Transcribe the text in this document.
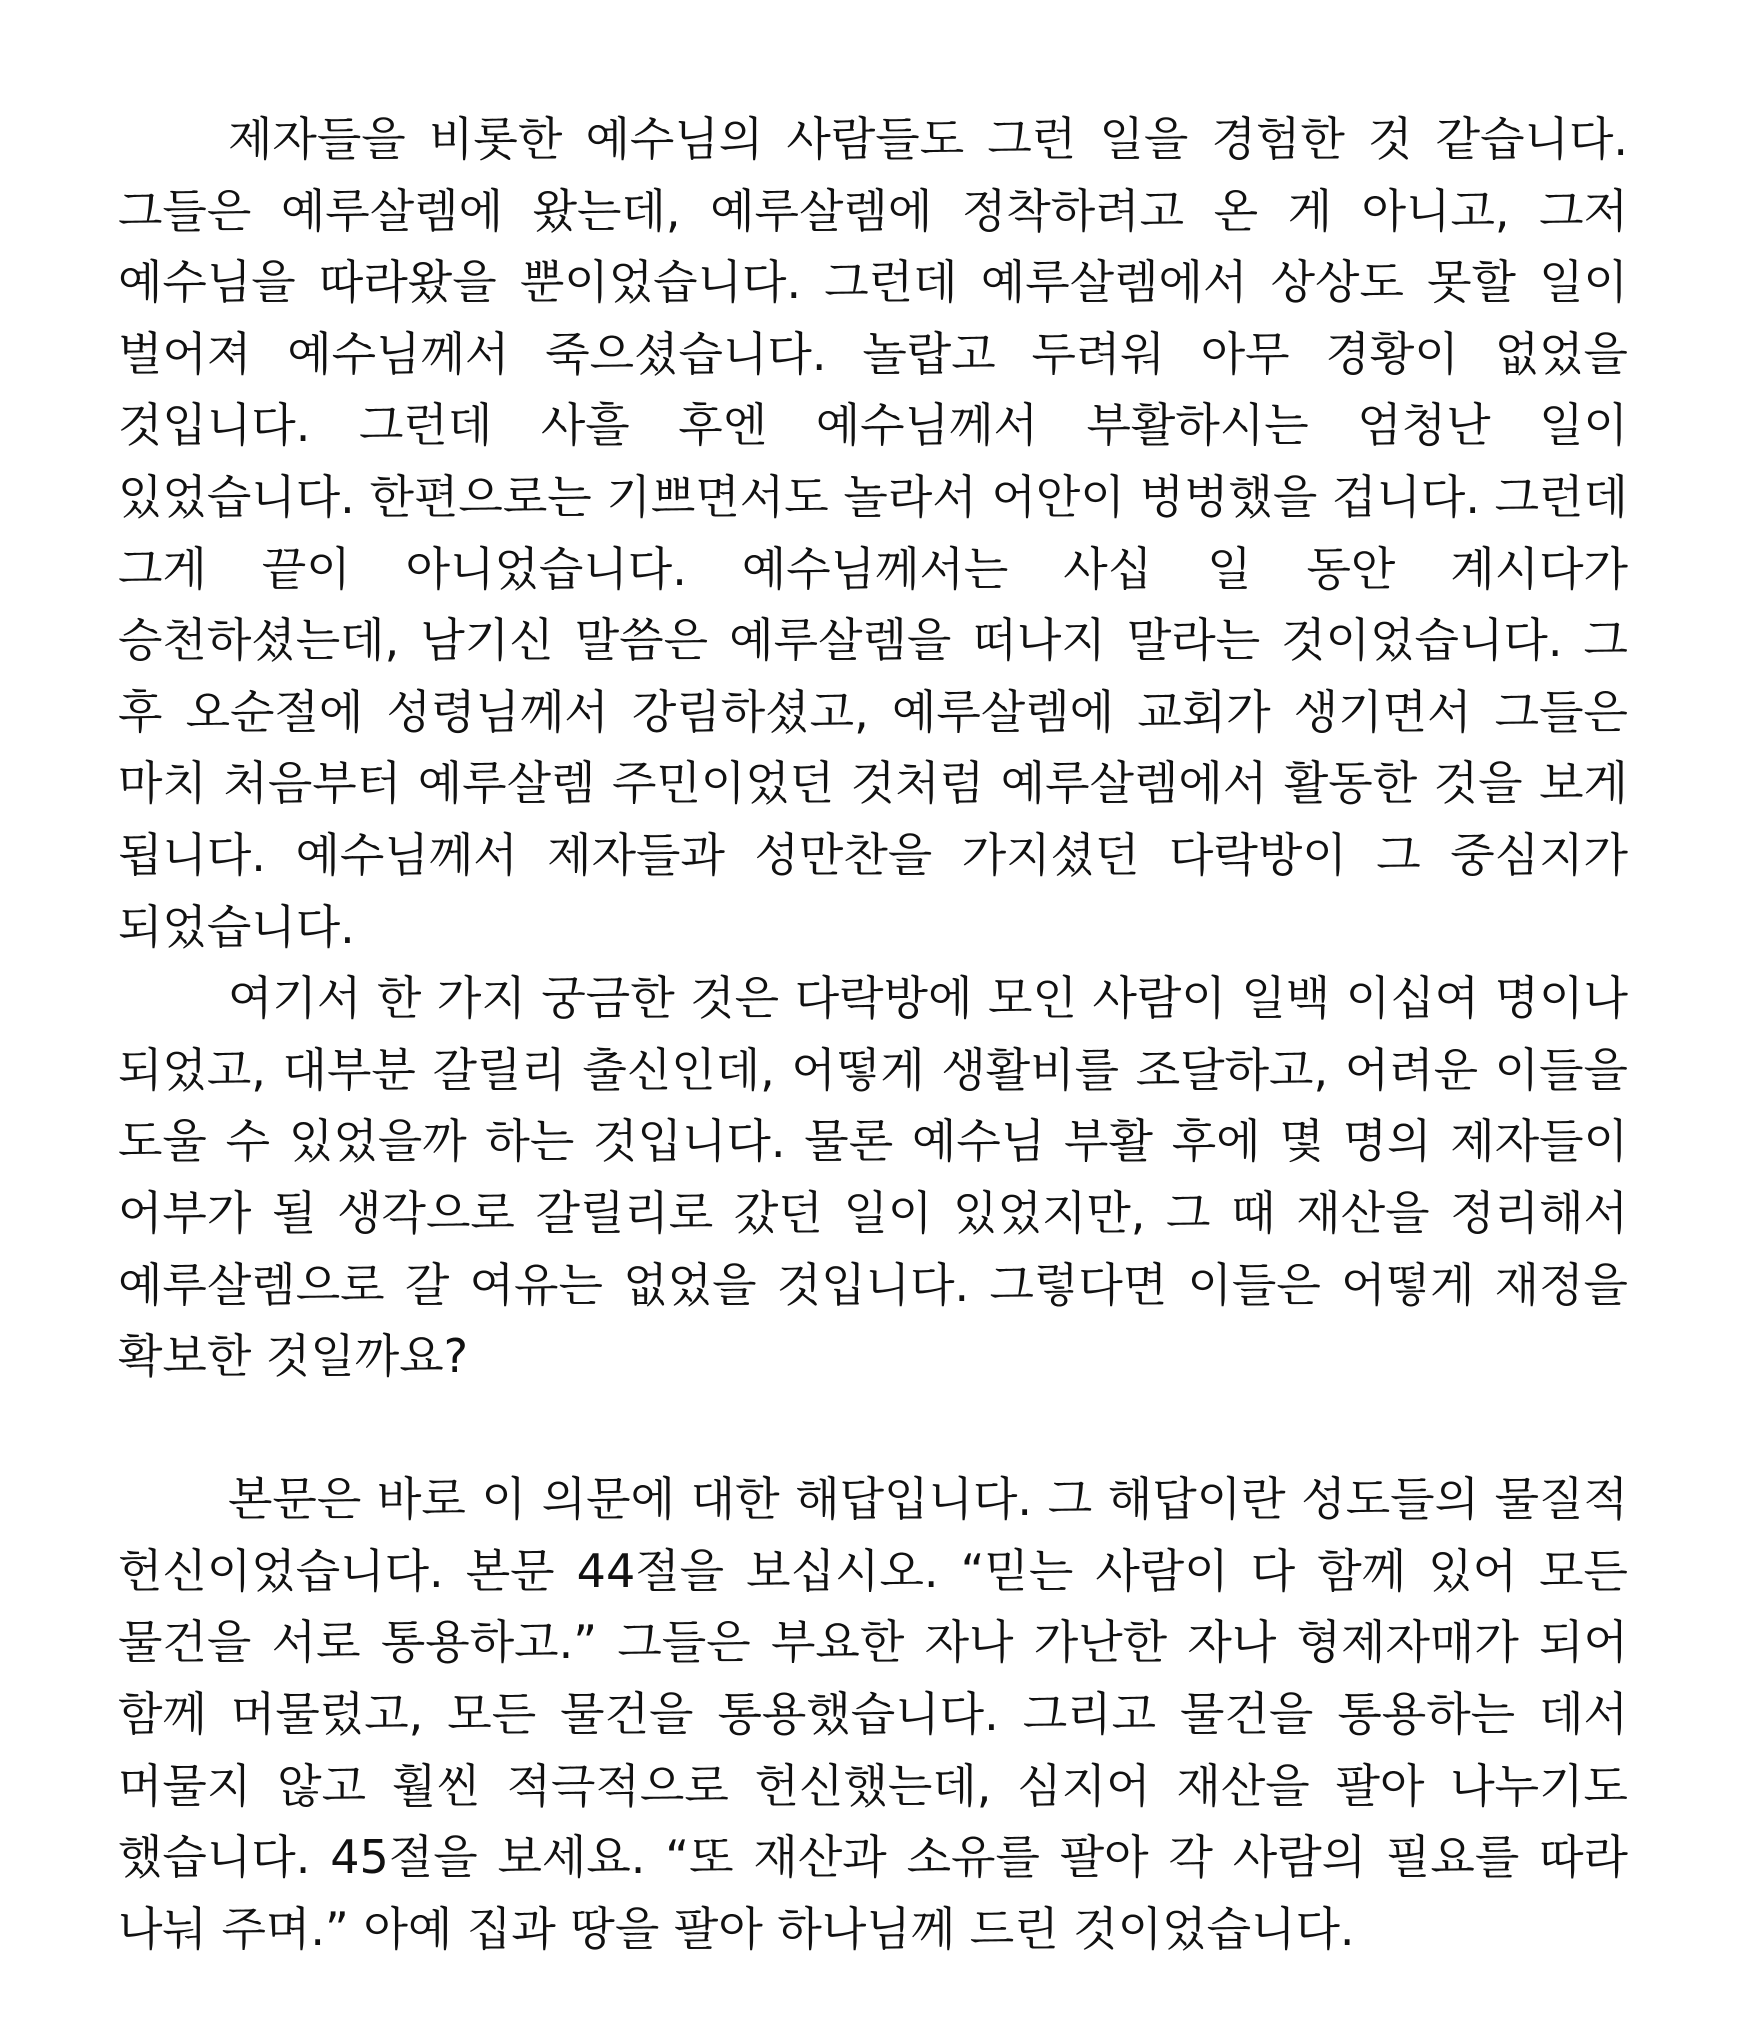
제자들을 비롯한 예수님의 사람들도 그런 일을 경험한 것 같습니다. 그들은 예루살렘에 왔는데, 예루살렘에 정착하려고 온 게 아니고, 그저 예수님을 따라왔을 뿐이었습니다. 그런데 예루살렘에서 상상도 못할 일이 벌어져 예수님께서 죽으셨습니다. 놀랍고 두려워 아무 경황이 없었을 것입니다. 그런데 사흘 후엔 예수님께서 부활하시는 엄청난 일이 있었습니다. 한편으로는 기쁘면서도 놀라서 어안이 벙벙했을 겁니다. 그런데 그게 끝이 아니었습니다. 예수님께서는 사십 일 동안 계시다가 승천하셨는데, 남기신 말씀은 예루살렘을 떠나지 말라는 것이었습니다. 그 후 오순절에 성령님께서 강림하셨고, 예루살렘에 교회가 생기면서 그들은 마치 처음부터 예루살렘 주민이었던 것처럼 예루살렘에서 활동한 것을 보게 됩니다. 예수님께서 제자들과 성만찬을 가지셨던 다락방이 그 중심지가 되었습니다.

여기서 한 가지 궁금한 것은 다락방에 모인 사람이 일백 이십여 명이나 되었고, 대부분 갈릴리 출신인데, 어떻게 생활비를 조달하고, 어려운 이들을 도울 수 있었을까 하는 것입니다. 물론 예수님 부활 후에 몇 명의 제자들이 어부가 될 생각으로 갈릴리로 갔던 일이 있었지만, 그 때 재산을 정리해서 예루살렘으로 갈 여유는 없었을 것입니다. 그렇다면 이들은 어떻게 재정을 확보한 것일까요?

본문은 바로 이 의문에 대한 해답입니다. 그 해답이란 성도들의 물질적 헌신이었습니다. 본문 44절을 보십시오. “믿는 사람이 다 함께 있어 모든 물건을 서로 통용하고.” 그들은 부요한 자나 가난한 자나 형제자매가 되어 함께 머물렀고, 모든 물건을 통용했습니다. 그리고 물건을 통용하는 데서 머물지 않고 훨씬 적극적으로 헌신했는데, 심지어 재산을 팔아 나누기도 했습니다. 45절을 보세요. “또 재산과 소유를 팔아 각 사람의 필요를 따라 나눠 주며.” 아예 집과 땅을 팔아 하나님께 드린 것이었습니다.
